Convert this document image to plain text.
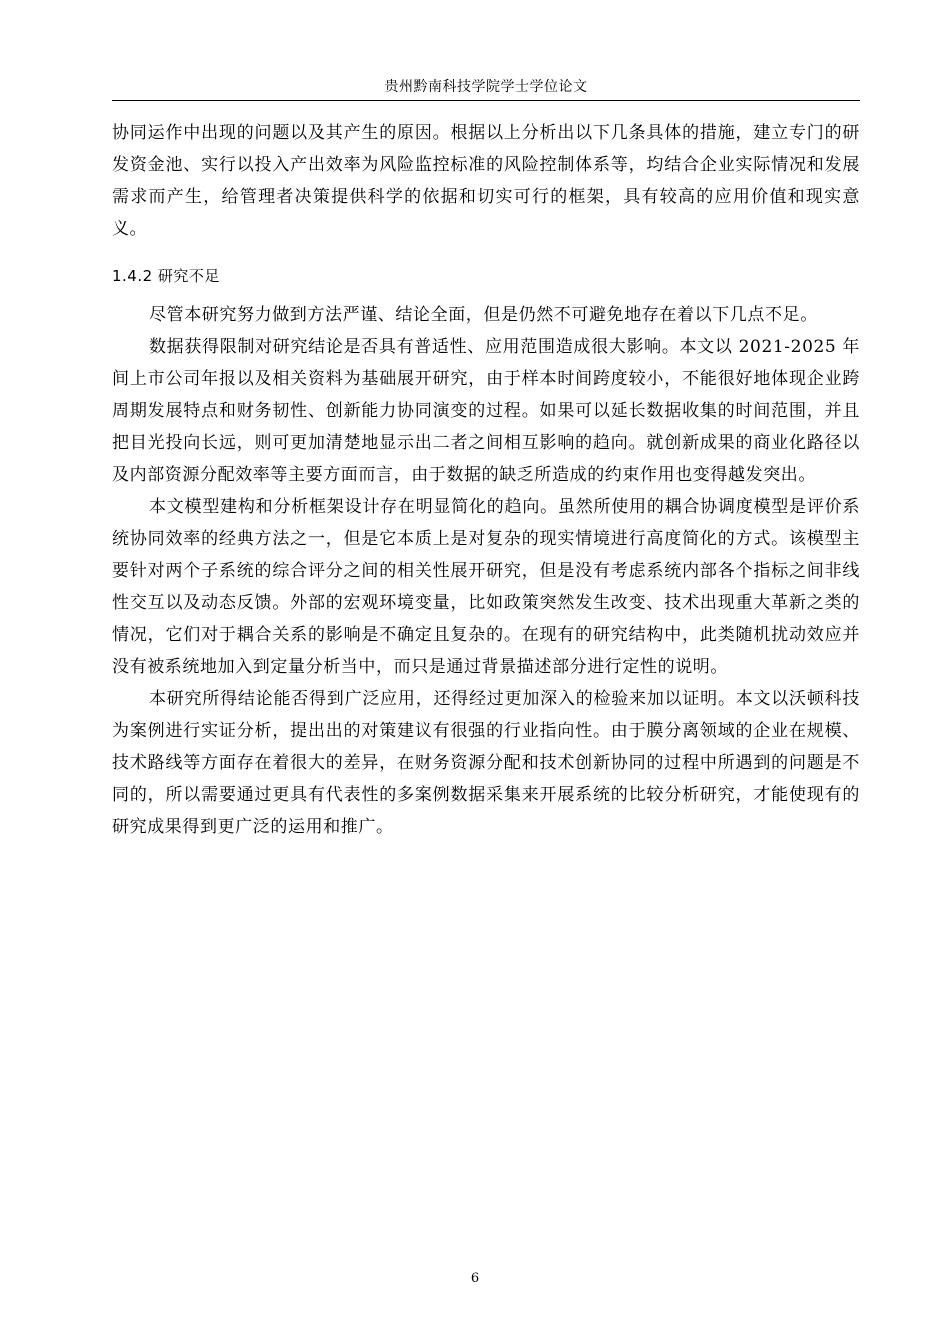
贵州黔南科技学院学士学位论文

协同运作中出现的问题以及其产生的原因。根据以上分析出以下几条具体的措施，建立专门的研发资金池、实行以投入产出效率为风险监控标准的风险控制体系等，均结合企业实际情况和发展需求而产生，给管理者决策提供科学的依据和切实可行的框架，具有较高的应用价值和现实意义。

1.4.2 研究不足

尽管本研究努力做到方法严谨、结论全面，但是仍然不可避免地存在着以下几点不足。

数据获得限制对研究结论是否具有普适性、应用范围造成很大影响。本文以 2021-2025 年间上市公司年报以及相关资料为基础展开研究，由于样本时间跨度较小，不能很好地体现企业跨周期发展特点和财务韧性、创新能力协同演变的过程。如果可以延长数据收集的时间范围，并且把目光投向长远，则可更加清楚地显示出二者之间相互影响的趋向。就创新成果的商业化路径以及内部资源分配效率等主要方面而言，由于数据的缺乏所造成的约束作用也变得越发突出。

本文模型建构和分析框架设计存在明显简化的趋向。虽然所使用的耦合协调度模型是评价系统协同效率的经典方法之一，但是它本质上是对复杂的现实情境进行高度简化的方式。该模型主要针对两个子系统的综合评分之间的相关性展开研究，但是没有考虑系统内部各个指标之间非线性交互以及动态反馈。外部的宏观环境变量，比如政策突然发生改变、技术出现重大革新之类的情况，它们对于耦合关系的影响是不确定且复杂的。在现有的研究结构中，此类随机扰动效应并没有被系统地加入到定量分析当中，而只是通过背景描述部分进行定性的说明。

本研究所得结论能否得到广泛应用，还得经过更加深入的检验来加以证明。本文以沃顿科技为案例进行实证分析，提出出的对策建议有很强的行业指向性。由于膜分离领域的企业在规模、技术路线等方面存在着很大的差异，在财务资源分配和技术创新协同的过程中所遇到的问题是不同的，所以需要通过更具有代表性的多案例数据采集来开展系统的比较分析研究，才能使现有的研究成果得到更广泛的运用和推广。

6
